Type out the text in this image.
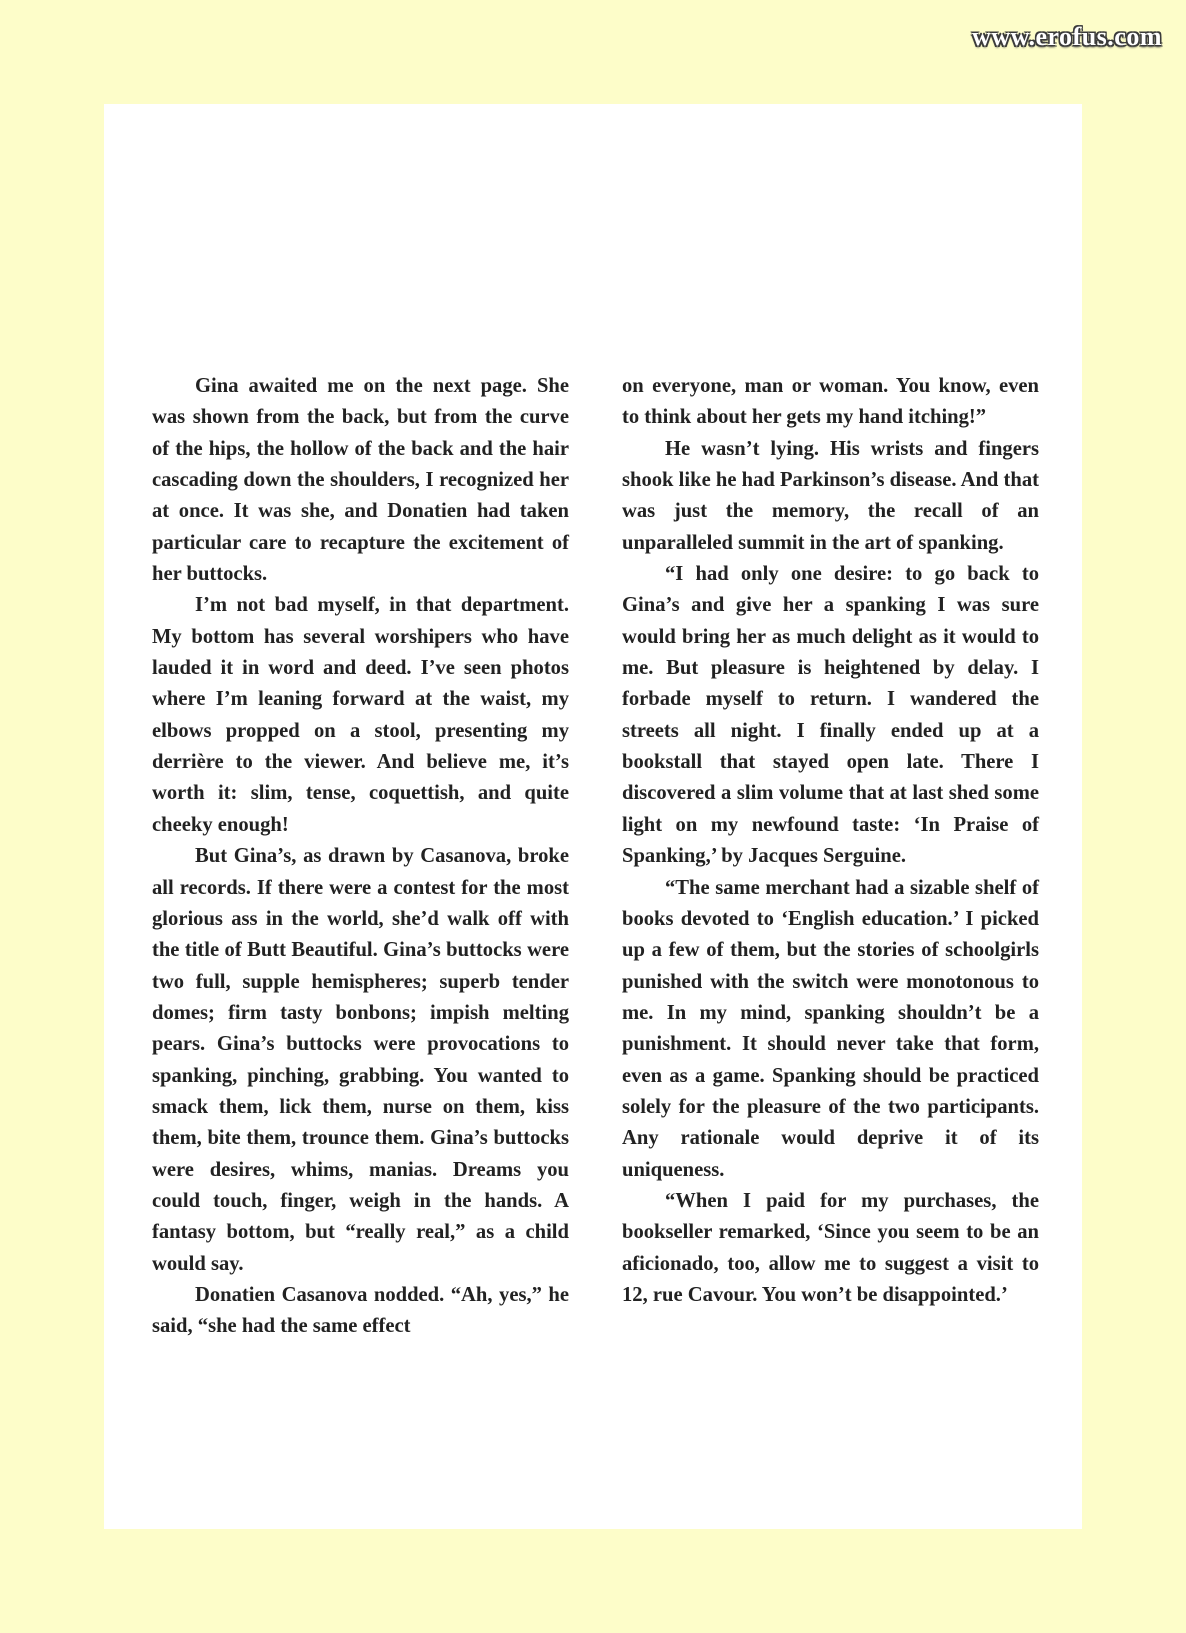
www.erofus.com

Gina awaited me on the next page. She was shown from the back, but from the curve of the hips, the hollow of the back and the hair cascading down the shoulders, I recognized her at once. It was she, and Donatien had taken particular care to recapture the excitement of her buttocks.

I’m not bad myself, in that department. My bottom has several worshipers who have lauded it in word and deed. I’ve seen photos where I’m leaning forward at the waist, my elbows propped on a stool, presenting my derrière to the viewer. And believe me, it’s worth it: slim, tense, coquettish, and quite cheeky enough!

But Gina’s, as drawn by Casanova, broke all records. If there were a contest for the most glorious ass in the world, she’d walk off with the title of Butt Beautiful. Gina’s buttocks were two full, supple hemispheres; superb tender domes; firm tasty bonbons; impish melting pears. Gina’s buttocks were provocations to spanking, pinching, grabbing. You wanted to smack them, lick them, nurse on them, kiss them, bite them, trounce them. Gina’s buttocks were desires, whims, manias. Dreams you could touch, finger, weigh in the hands. A fantasy bottom, but “really real,” as a child would say.

Donatien Casanova nodded. “Ah, yes,” he said, “she had the same effect

on everyone, man or woman. You know, even to think about her gets my hand itching!”

He wasn’t lying. His wrists and fingers shook like he had Parkinson’s disease. And that was just the memory, the recall of an unparalleled summit in the art of spanking.

“I had only one desire: to go back to Gina’s and give her a spanking I was sure would bring her as much delight as it would to me. But pleasure is heightened by delay. I forbade myself to return. I wandered the streets all night. I finally ended up at a bookstall that stayed open late. There I discovered a slim volume that at last shed some light on my newfound taste: ‘In Praise of Spanking,’ by Jacques Serguine.

“The same merchant had a sizable shelf of books devoted to ‘English education.’ I picked up a few of them, but the stories of schoolgirls punished with the switch were monotonous to me. In my mind, spanking shouldn’t be a punishment. It should never take that form, even as a game. Spanking should be practiced solely for the pleasure of the two participants. Any rationale would deprive it of its uniqueness.

“When I paid for my purchases, the bookseller remarked, ‘Since you seem to be an aficionado, too, allow me to suggest a visit to 12, rue Cavour. You won’t be disappointed.’
